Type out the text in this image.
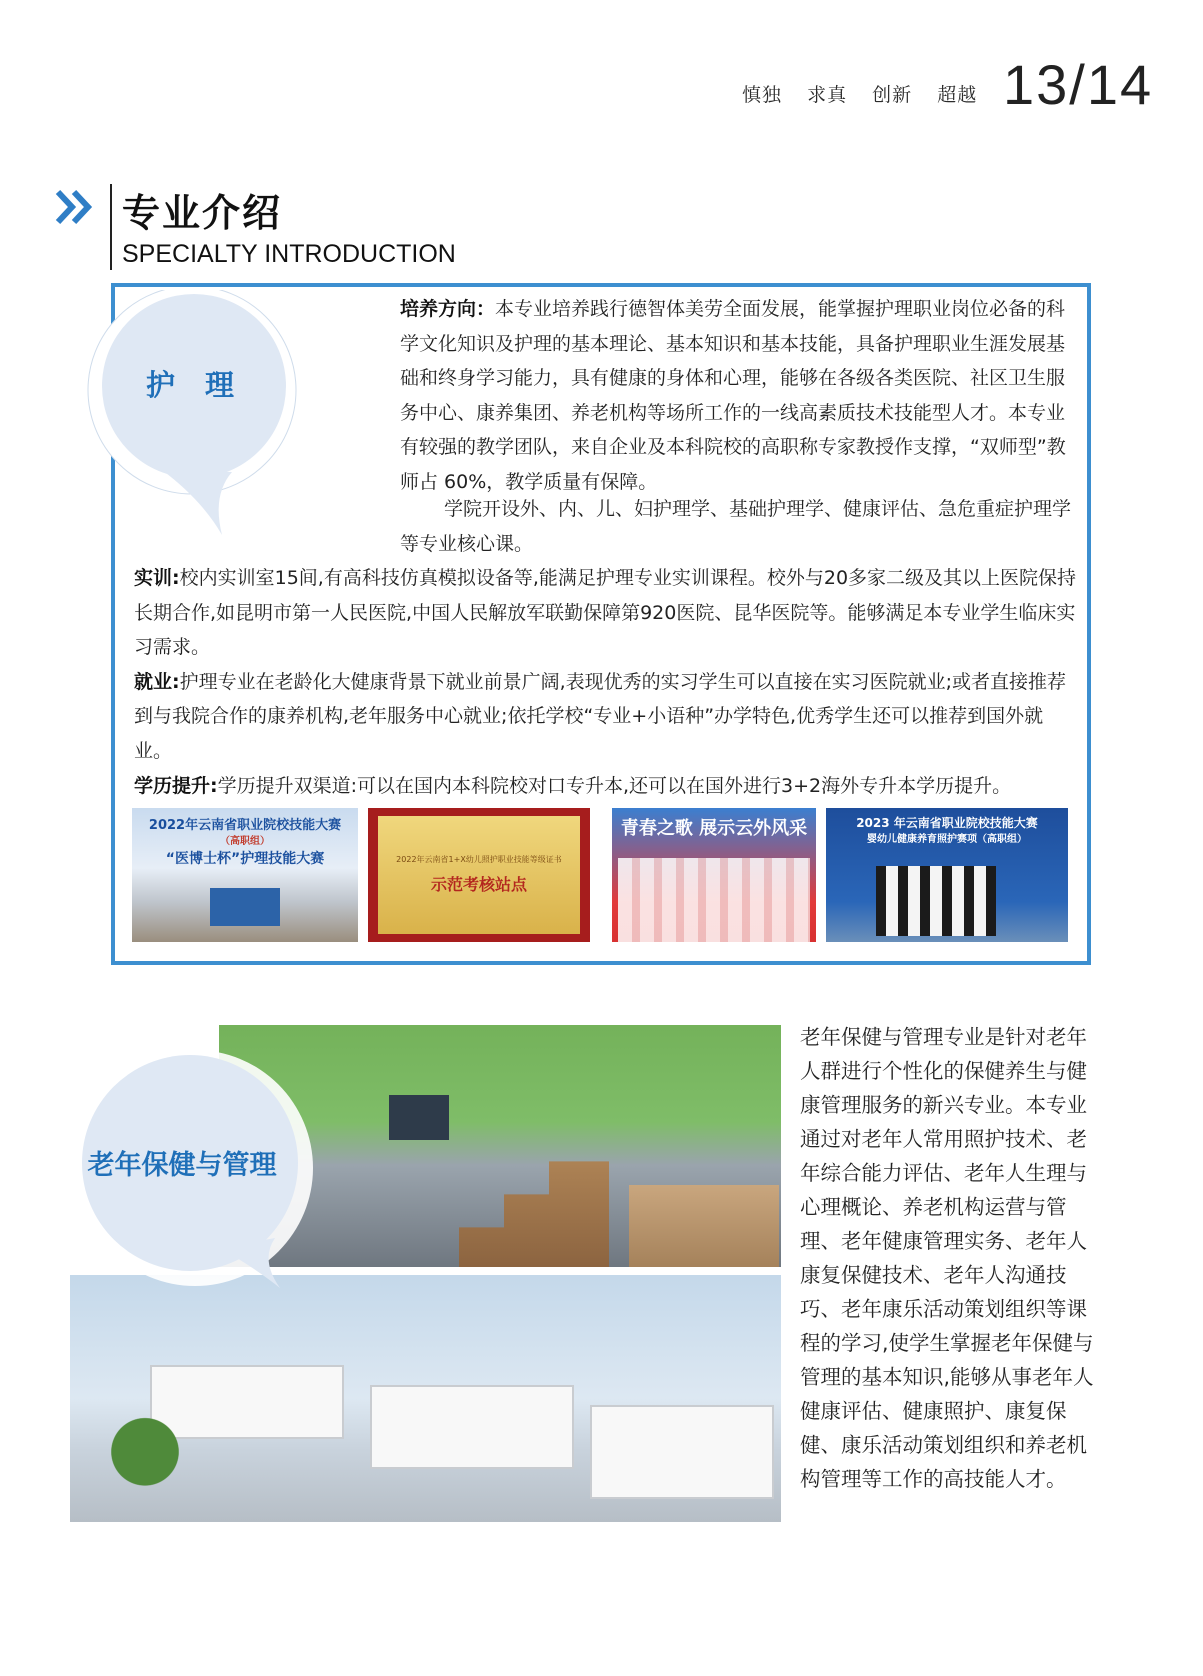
慎独 求真 创新 超越 13/14
专业介绍
SPECIALTY INTRODUCTION
护 理
培养方向：本专业培养践行德智体美劳全面发展，能掌握护理职业岗位必备的科学文化知识及护理的基本理论、基本知识和基本技能，具备护理职业生涯发展基础和终身学习能力，具有健康的身体和心理，能够在各级各类医院、社区卫生服务中心、康养集团、养老机构等场所工作的一线高素质技术技能型人才。本专业有较强的教学团队，来自企业及本科院校的高职称专家教授作支撑，“双师型”教师占 60%，教学质量有保障。
学院开设外、内、儿、妇护理学、基础护理学、健康评估、急危重症护理学等专业核心课。
实训:校内实训室15间,有高科技仿真模拟设备等,能满足护理专业实训课程。校外与20多家二级及其以上医院保持长期合作,如昆明市第一人民医院,中国人民解放军联勤保障第920医院、昆华医院等。能够满足本专业学生临床实习需求。
就业:护理专业在老龄化大健康背景下就业前景广阔,表现优秀的实习学生可以直接在实习医院就业;或者直接推荐到与我院合作的康养机构,老年服务中心就业;依托学校“专业+小语种”办学特色,优秀学生还可以推荐到国外就业。
学历提升:学历提升双渠道:可以在国内本科院校对口专升本,还可以在国外进行3+2海外专升本学历提升。
2022年云南省职业院校技能大赛
（高职组）
“医博士杯”护理技能大赛	2022年云南省1+X幼儿照护职业技能等级证书
示范考核站点
青春之歌 展示云外风采	2023 年云南省职业院校技能大赛
婴幼儿健康养育照护赛项（高职组）
老年保健与管理
老年保健与管理专业是针对老年人群进行个性化的保健养生与健康管理服务的新兴专业。本专业通过对老年人常用照护技术、老年综合能力评估、老年人生理与心理概论、养老机构运营与管理、老年健康管理实务、老年人康复保健技术、老年人沟通技巧、老年康乐活动策划组织等课程的学习,使学生掌握老年保健与管理的基本知识,能够从事老年人健康评估、健康照护、康复保健、康乐活动策划组织和养老机构管理等工作的高技能人才。
